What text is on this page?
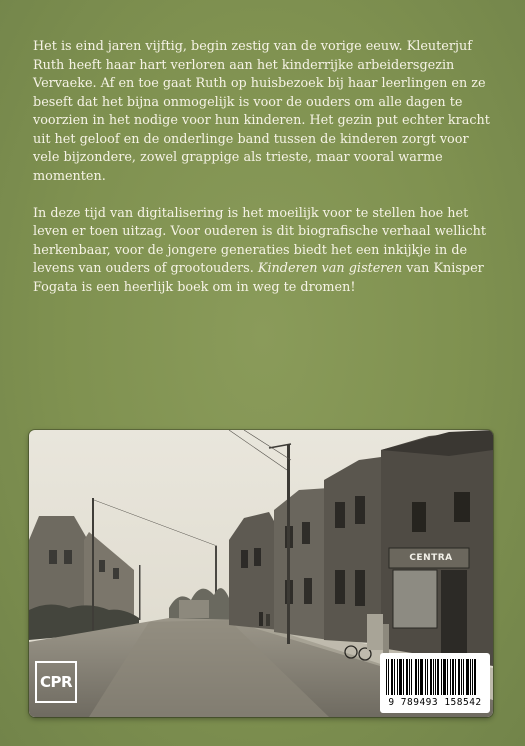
Het is eind jaren vijftig, begin zestig van de vorige eeuw. Kleuterjuf Ruth heeft haar hart verloren aan het kinderrijke arbeidersgezin Vervaeke. Af en toe gaat Ruth op huisbezoek bij haar leerlingen en ze beseft dat het bijna onmogelijk is voor de ouders om alle dagen te voorzien in het nodige voor hun kinderen. Het gezin put echter kracht uit het geloof en de onderlinge band tussen de kinderen zorgt voor vele bijzondere, zowel grappige als trieste, maar vooral warme momenten.

In deze tijd van digitalisering is het moeilijk voor te stellen hoe het leven er toen uitzag. Voor ouderen is dit biografische verhaal wellicht herkenbaar, voor de jongere generaties biedt het een inkijkje in de levens van ouders of grootouders. Kinderen van gisteren van Knisper Fogata is een heerlijk boek om in weg te dromen!

CENTRA
CPR
9 789493 158542
